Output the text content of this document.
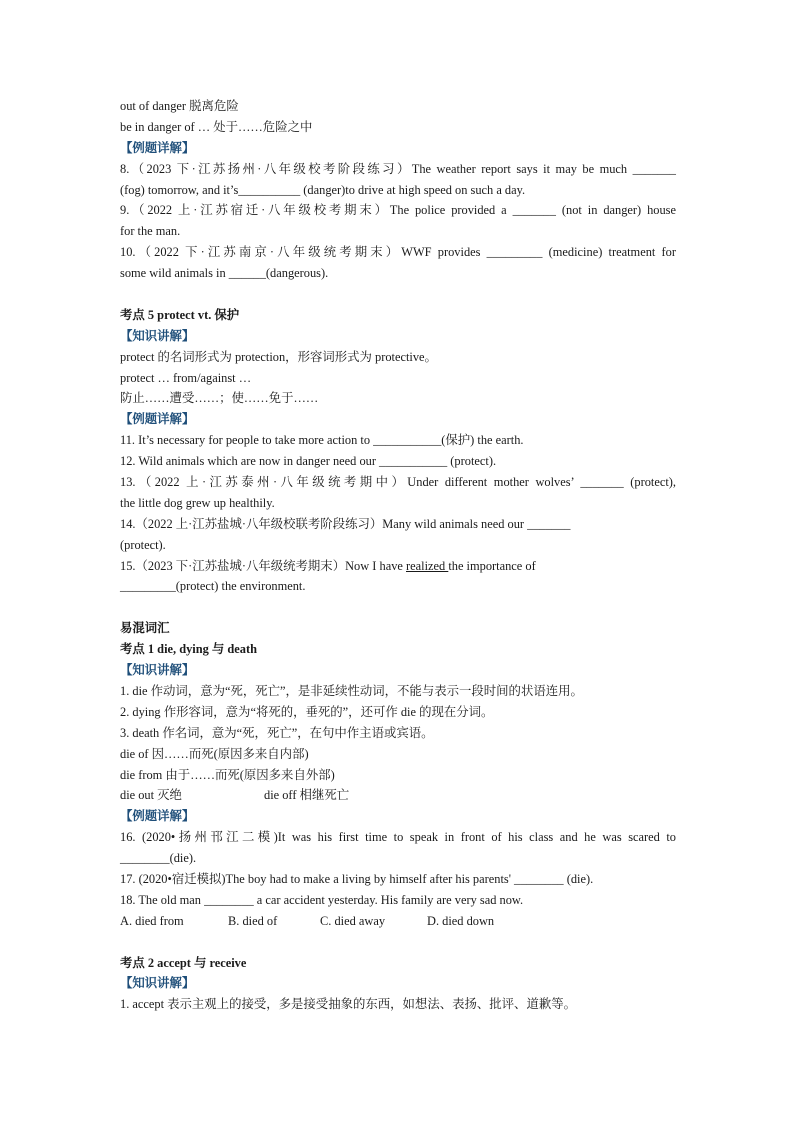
out of danger 脱离危险

be in danger of … 处于……危险之中

【例题详解】

8.（2023 下·江苏扬州·八年级校考阶段练习）The weather report says it may be much _______

(fog) tomorrow, and it’s__________ (danger)to drive at high speed on such a day.

9.（2022 上·江苏宿迁·八年级校考期末）The police provided a _______ (not in danger) house

for the man.

10.（2022 下·江苏南京·八年级统考期末）WWF provides _________ (medicine) treatment for

some wild animals in ______(dangerous).

考点 5 protect vt. 保护

【知识讲解】

protect 的名词形式为 protection，形容词形式为 protective。

protect … from/against …

防止……遭受……；使……免于……

【例题详解】

11. It’s necessary for people to take more action to ___________(保护) the earth.

12. Wild animals which are now in danger need our ___________ (protect).

13.（2022 上·江苏泰州·八年级统考期中）Under different mother wolves’ _______ (protect),

the little dog grew up healthily.

14.（2022 上·江苏盐城·八年级校联考阶段练习）Many wild animals need our _______

(protect).

15.（2023 下·江苏盐城·八年级统考期末）Now I have realized the importance of

_________(protect) the environment.

易混词汇

考点 1 die, dying 与 death

【知识讲解】

1. die 作动词，意为“死，死亡”，是非延续性动词，不能与表示一段时间的状语连用。

2. dying 作形容词，意为“将死的，垂死的”，还可作 die 的现在分词。

3. death 作名词，意为“死，死亡”，在句中作主语或宾语。

die of 因……而死(原因多来自内部)

die from 由于……而死(原因多来自外部)

die out 灭绝	die off 相继死亡

【例题详解】

16. (2020•扬州邗江二模)It was his first time to speak in front of his class and he was scared to

________(die).

17. (2020•宿迁模拟)The boy had to make a living by himself after his parents' ________ (die).

18. The old man ________ a car accident yesterday. His family are very sad now.

A. died from	B. died of	C. died away	D. died down

考点 2 accept 与 receive

【知识讲解】

1. accept 表示主观上的接受，多是接受抽象的东西，如想法、表扬、批评、道歉等。
